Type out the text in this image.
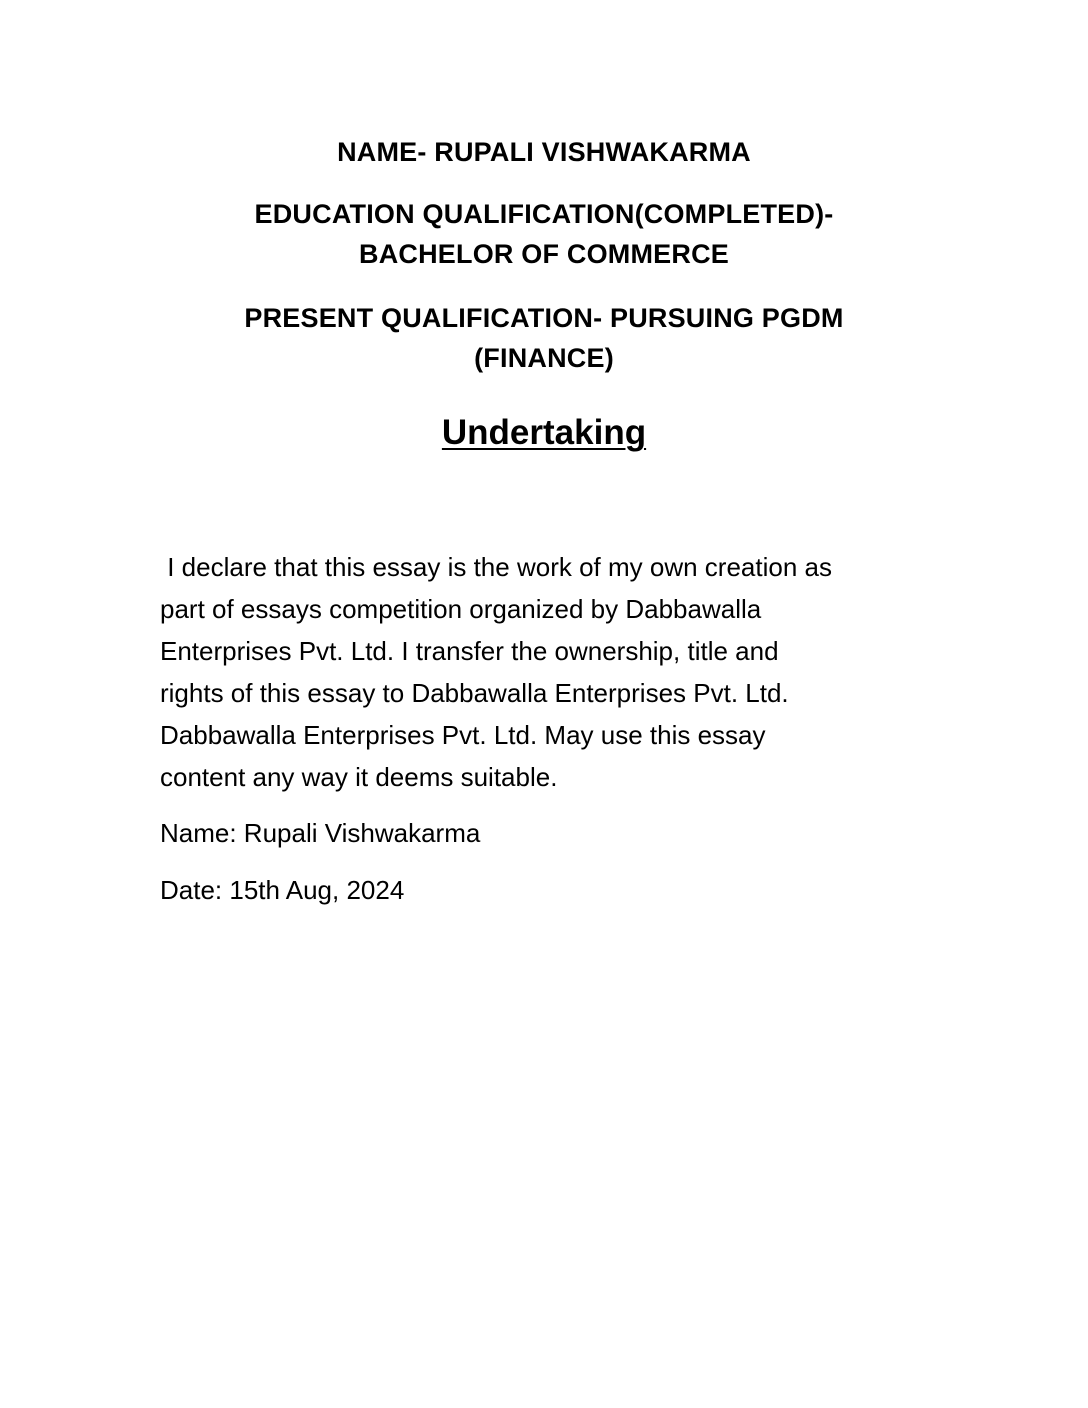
NAME- RUPALI VISHWAKARMA
EDUCATION QUALIFICATION(COMPLETED)-
BACHELOR OF COMMERCE
PRESENT QUALIFICATION- PURSUING PGDM
(FINANCE)
Undertaking
I declare that this essay is the work of my own creation as
part of essays competition organized by Dabbawalla
Enterprises Pvt. Ltd. I transfer the ownership, title and
rights of this essay to Dabbawalla Enterprises Pvt. Ltd.
Dabbawalla Enterprises Pvt. Ltd. May use this essay
content any way it deems suitable.
Name: Rupali Vishwakarma
Date: 15th Aug, 2024
